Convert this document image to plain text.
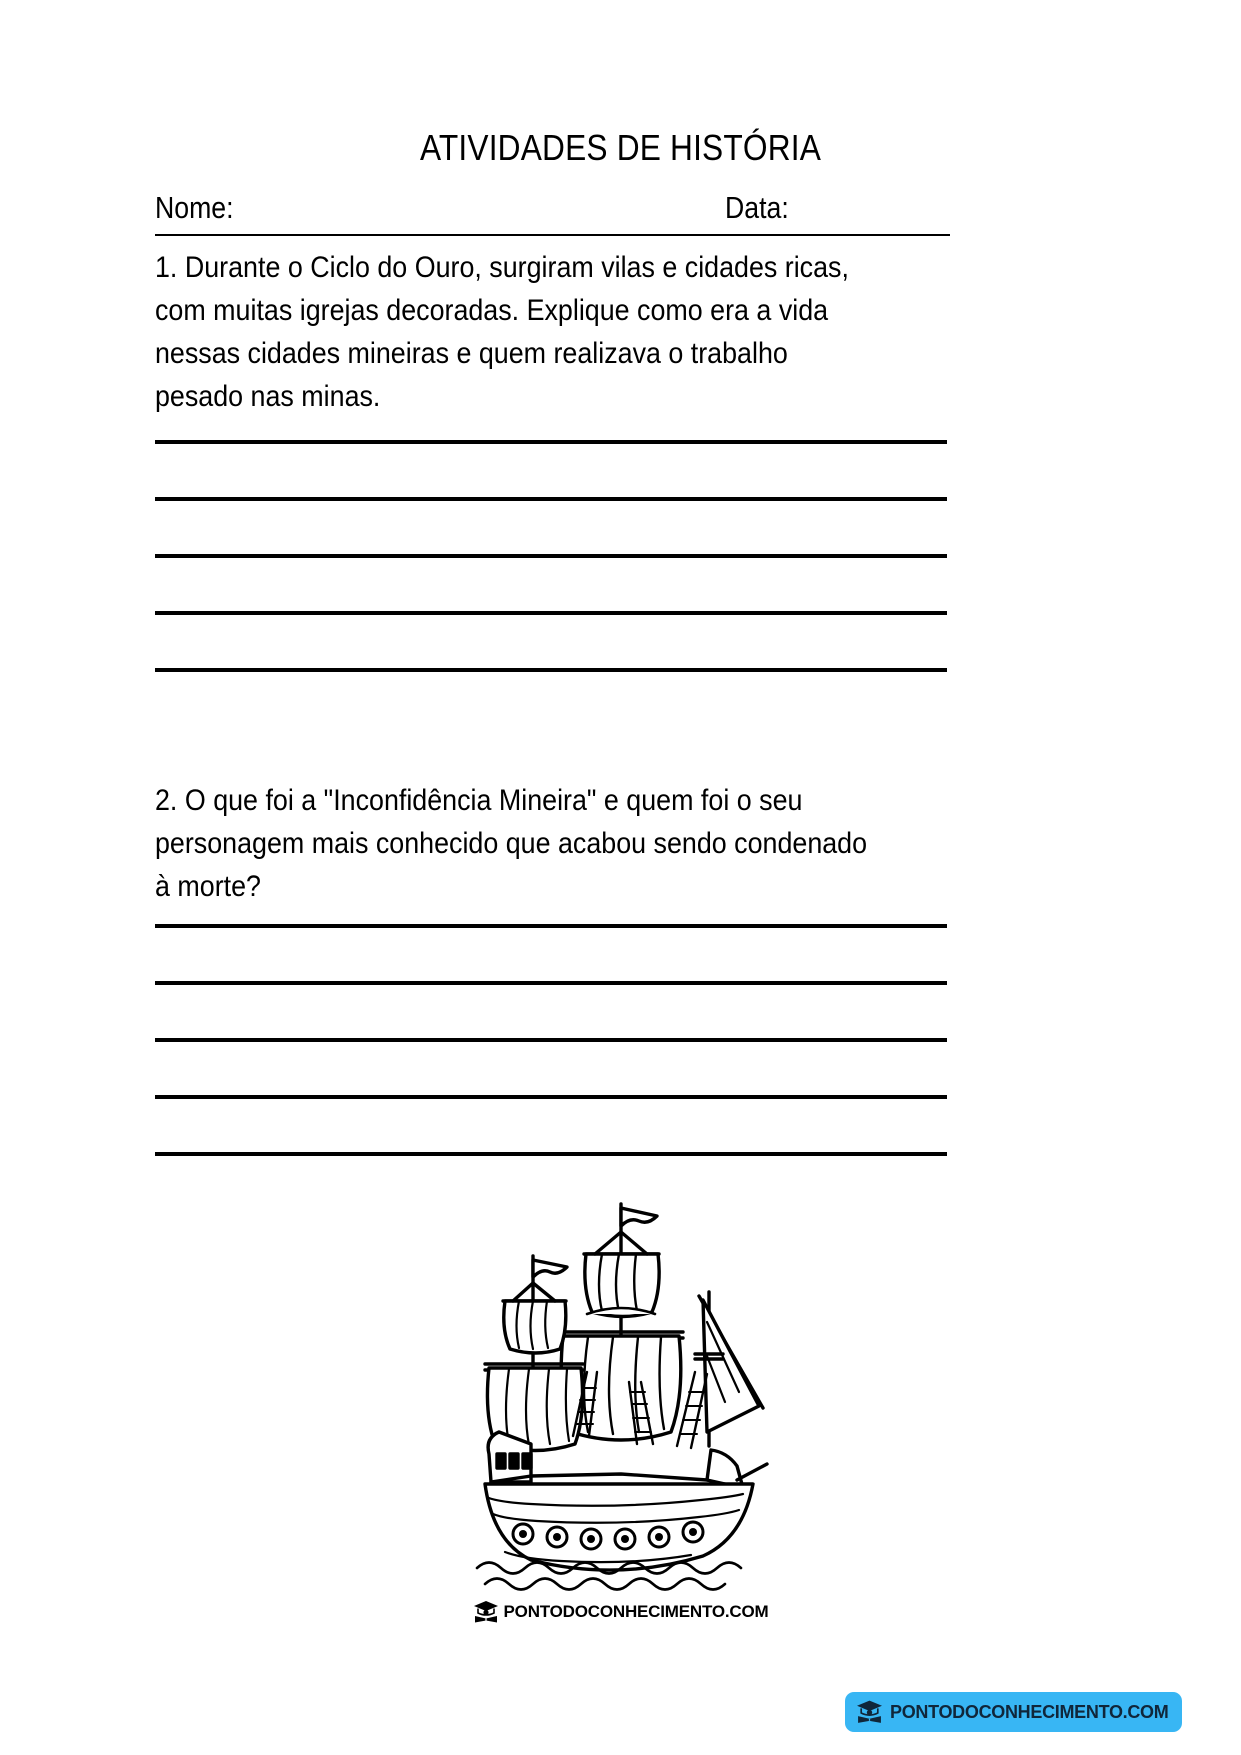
ATIVIDADES DE HISTÓRIA
Nome:	Data:
1. Durante o Ciclo do Ouro, surgiram vilas e cidades ricas,
com muitas igrejas decoradas. Explique como era a vida
nessas cidades mineiras e quem realizava o trabalho
pesado nas minas.
2. O que foi a "Inconfidência Mineira" e quem foi o seu
personagem mais conhecido que acabou sendo condenado
à morte?
PONTODOCONHECIMENTO.COM
PONTODOCONHECIMENTO.COM
